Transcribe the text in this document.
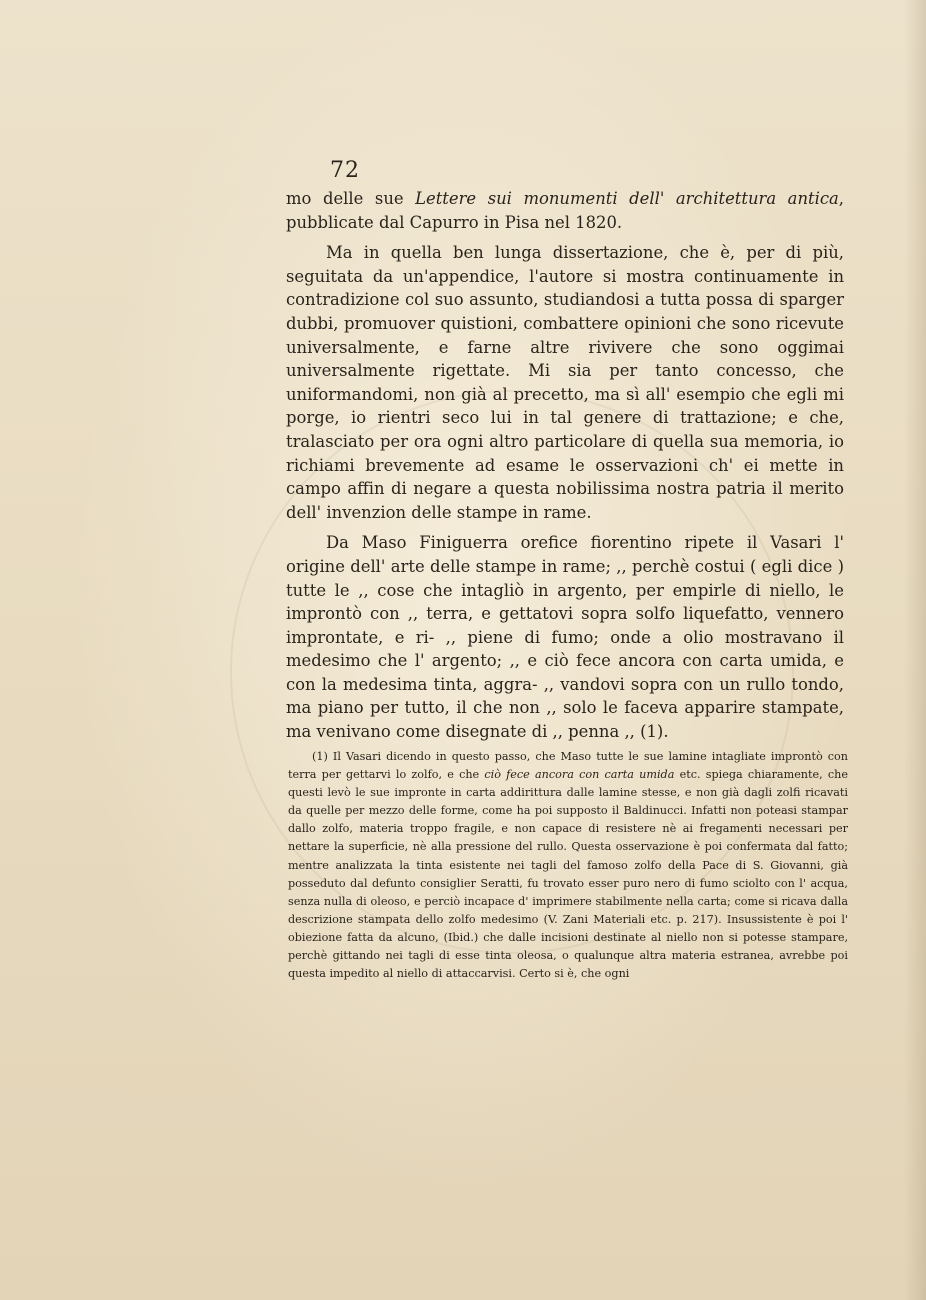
72

mo delle sue Lettere sui monumenti dell' architettura antica, pubblicate dal Capurro in Pisa nel 1820.

Ma in quella ben lunga dissertazione, che è, per di più, seguitata da un'appendice, l'autore si mostra continuamente in contradizione col suo assunto, studiandosi a tutta possa di sparger dubbi, promuover quistioni, combattere opinioni che sono ricevute universalmente, e farne altre rivivere che sono oggimai universalmente rigettate. Mi sia per tanto concesso, che uniformandomi, non già al precetto, ma sì all' esempio che egli mi porge, io rientri seco lui in tal genere di trattazione; e che, tralasciato per ora ogni altro particolare di quella sua memoria, io richiami brevemente ad esame le osservazioni ch' ei mette in campo affin di negare a questa nobilissima nostra patria il merito dell' invenzion delle stampe in rame.

Da Maso Finiguerra orefice fiorentino ripete il Vasari l' origine dell' arte delle stampe in rame; ,, perchè costui ( egli dice ) tutte le ,, cose che intagliò in argento, per empirle di niello, le improntò con ,, terra, e gettatovi sopra solfo liquefatto, vennero improntate, e ri- ,, piene di fumo; onde a olio mostravano il medesimo che l' argento; ,, e ciò fece ancora con carta umida, e con la medesima tinta, aggra- ,, vandovi sopra con un rullo tondo, ma piano per tutto, il che non ,, solo le faceva apparire stampate, ma venivano come disegnate di ,, penna ,, (1).

(1) Il Vasari dicendo in questo passo, che Maso tutte le sue lamine intagliate improntò con terra per gettarvi lo zolfo, e che ciò fece ancora con carta umida etc. spiega chiaramente, che questi levò le sue impronte in carta addirittura dalle lamine stesse, e non già dagli zolfi ricavati da quelle per mezzo delle forme, come ha poi supposto il Baldinucci. Infatti non poteasi stampar dallo zolfo, materia troppo fragile, e non capace di resistere nè ai fregamenti necessari per nettare la superficie, nè alla pressione del rullo. Questa osservazione è poi confermata dal fatto; mentre analizzata la tinta esistente nei tagli del famoso zolfo della Pace di S. Giovanni, già posseduto dal defunto consiglier Seratti, fu trovato esser puro nero di fumo sciolto con l' acqua, senza nulla di oleoso, e perciò incapace d' imprimere stabilmente nella carta; come si ricava dalla descrizione stampata dello zolfo medesimo (V. Zani Materiali etc. p. 217). Insussistente è poi l' obiezione fatta da alcuno, (Ibid.) che dalle incisioni destinate al niello non si potesse stampare, perchè gittando nei tagli di esse tinta oleosa, o qualunque altra materia estranea, avrebbe poi questa impedito al niello di attaccarvisi. Certo si è, che ogni
